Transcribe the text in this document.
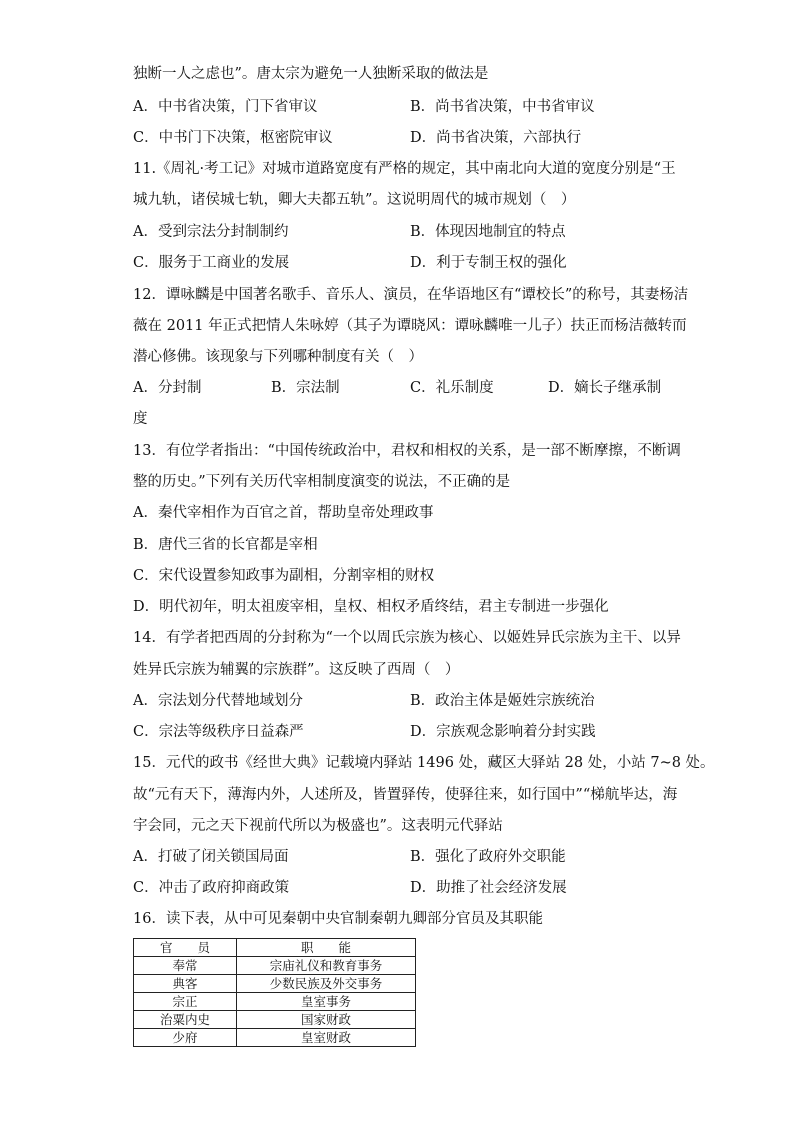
独断一人之虑也”。唐太宗为避免一人独断采取的做法是
A．中书省决策，门下省审议	B．尚书省决策，中书省审议
C．中书门下决策，枢密院审议	D．尚书省决策，六部执行
11.《周礼·考工记》对城市道路宽度有严格的规定，其中南北向大道的宽度分别是“王
城九轨，诸侯城七轨，卿大夫都五轨”。这说明周代的城市规划（　）
A．受到宗法分封制制约	B．体现因地制宜的特点
C．服务于工商业的发展	D．利于专制王权的强化
12．谭咏麟是中国著名歌手、音乐人、演员，在华语地区有“谭校长”的称号，其妻杨洁
薇在 2011 年正式把情人朱咏婷（其子为谭晓风：谭咏麟唯一儿子）扶正而杨洁薇转而
潜心修佛。该现象与下列哪种制度有关（　）
A．分封制	B．宗法制	C．礼乐制度	D．嫡长子继承制
度
13．有位学者指出：“中国传统政治中，君权和相权的关系，是一部不断摩擦，不断调
整的历史。”下列有关历代宰相制度演变的说法，不正确的是
A．秦代宰相作为百官之首，帮助皇帝处理政事
B．唐代三省的长官都是宰相
C．宋代设置参知政事为副相，分割宰相的财权
D．明代初年，明太祖废宰相，皇权、相权矛盾终结，君主专制进一步强化
14．有学者把西周的分封称为“一个以周氏宗族为核心、以姬姓异氏宗族为主干、以异
姓异氏宗族为辅翼的宗族群”。这反映了西周（　）
A．宗法划分代替地域划分	B．政治主体是姬姓宗族统治
C．宗法等级秩序日益森严	D．宗族观念影响着分封实践
15．元代的政书《经世大典》记载境内驿站 1496 处，藏区大驿站 28 处，小站 7~8 处。
故“元有天下，薄海内外，人述所及，皆置驿传，使驿往来，如行国中”“梯航毕达，海
宇会同，元之天下视前代所以为极盛也”。这表明元代驿站
A．打破了闭关锁国局面	B．强化了政府外交职能
C．冲击了政府抑商政策	D．助推了社会经济发展
16．读下表，从中可见秦朝中央官制秦朝九卿部分官员及其职能
官　　员	职　　能
奉常	宗庙礼仪和教育事务
典客	少数民族及外交事务
宗正	皇室事务
治粟内史	国家财政
少府	皇室财政
